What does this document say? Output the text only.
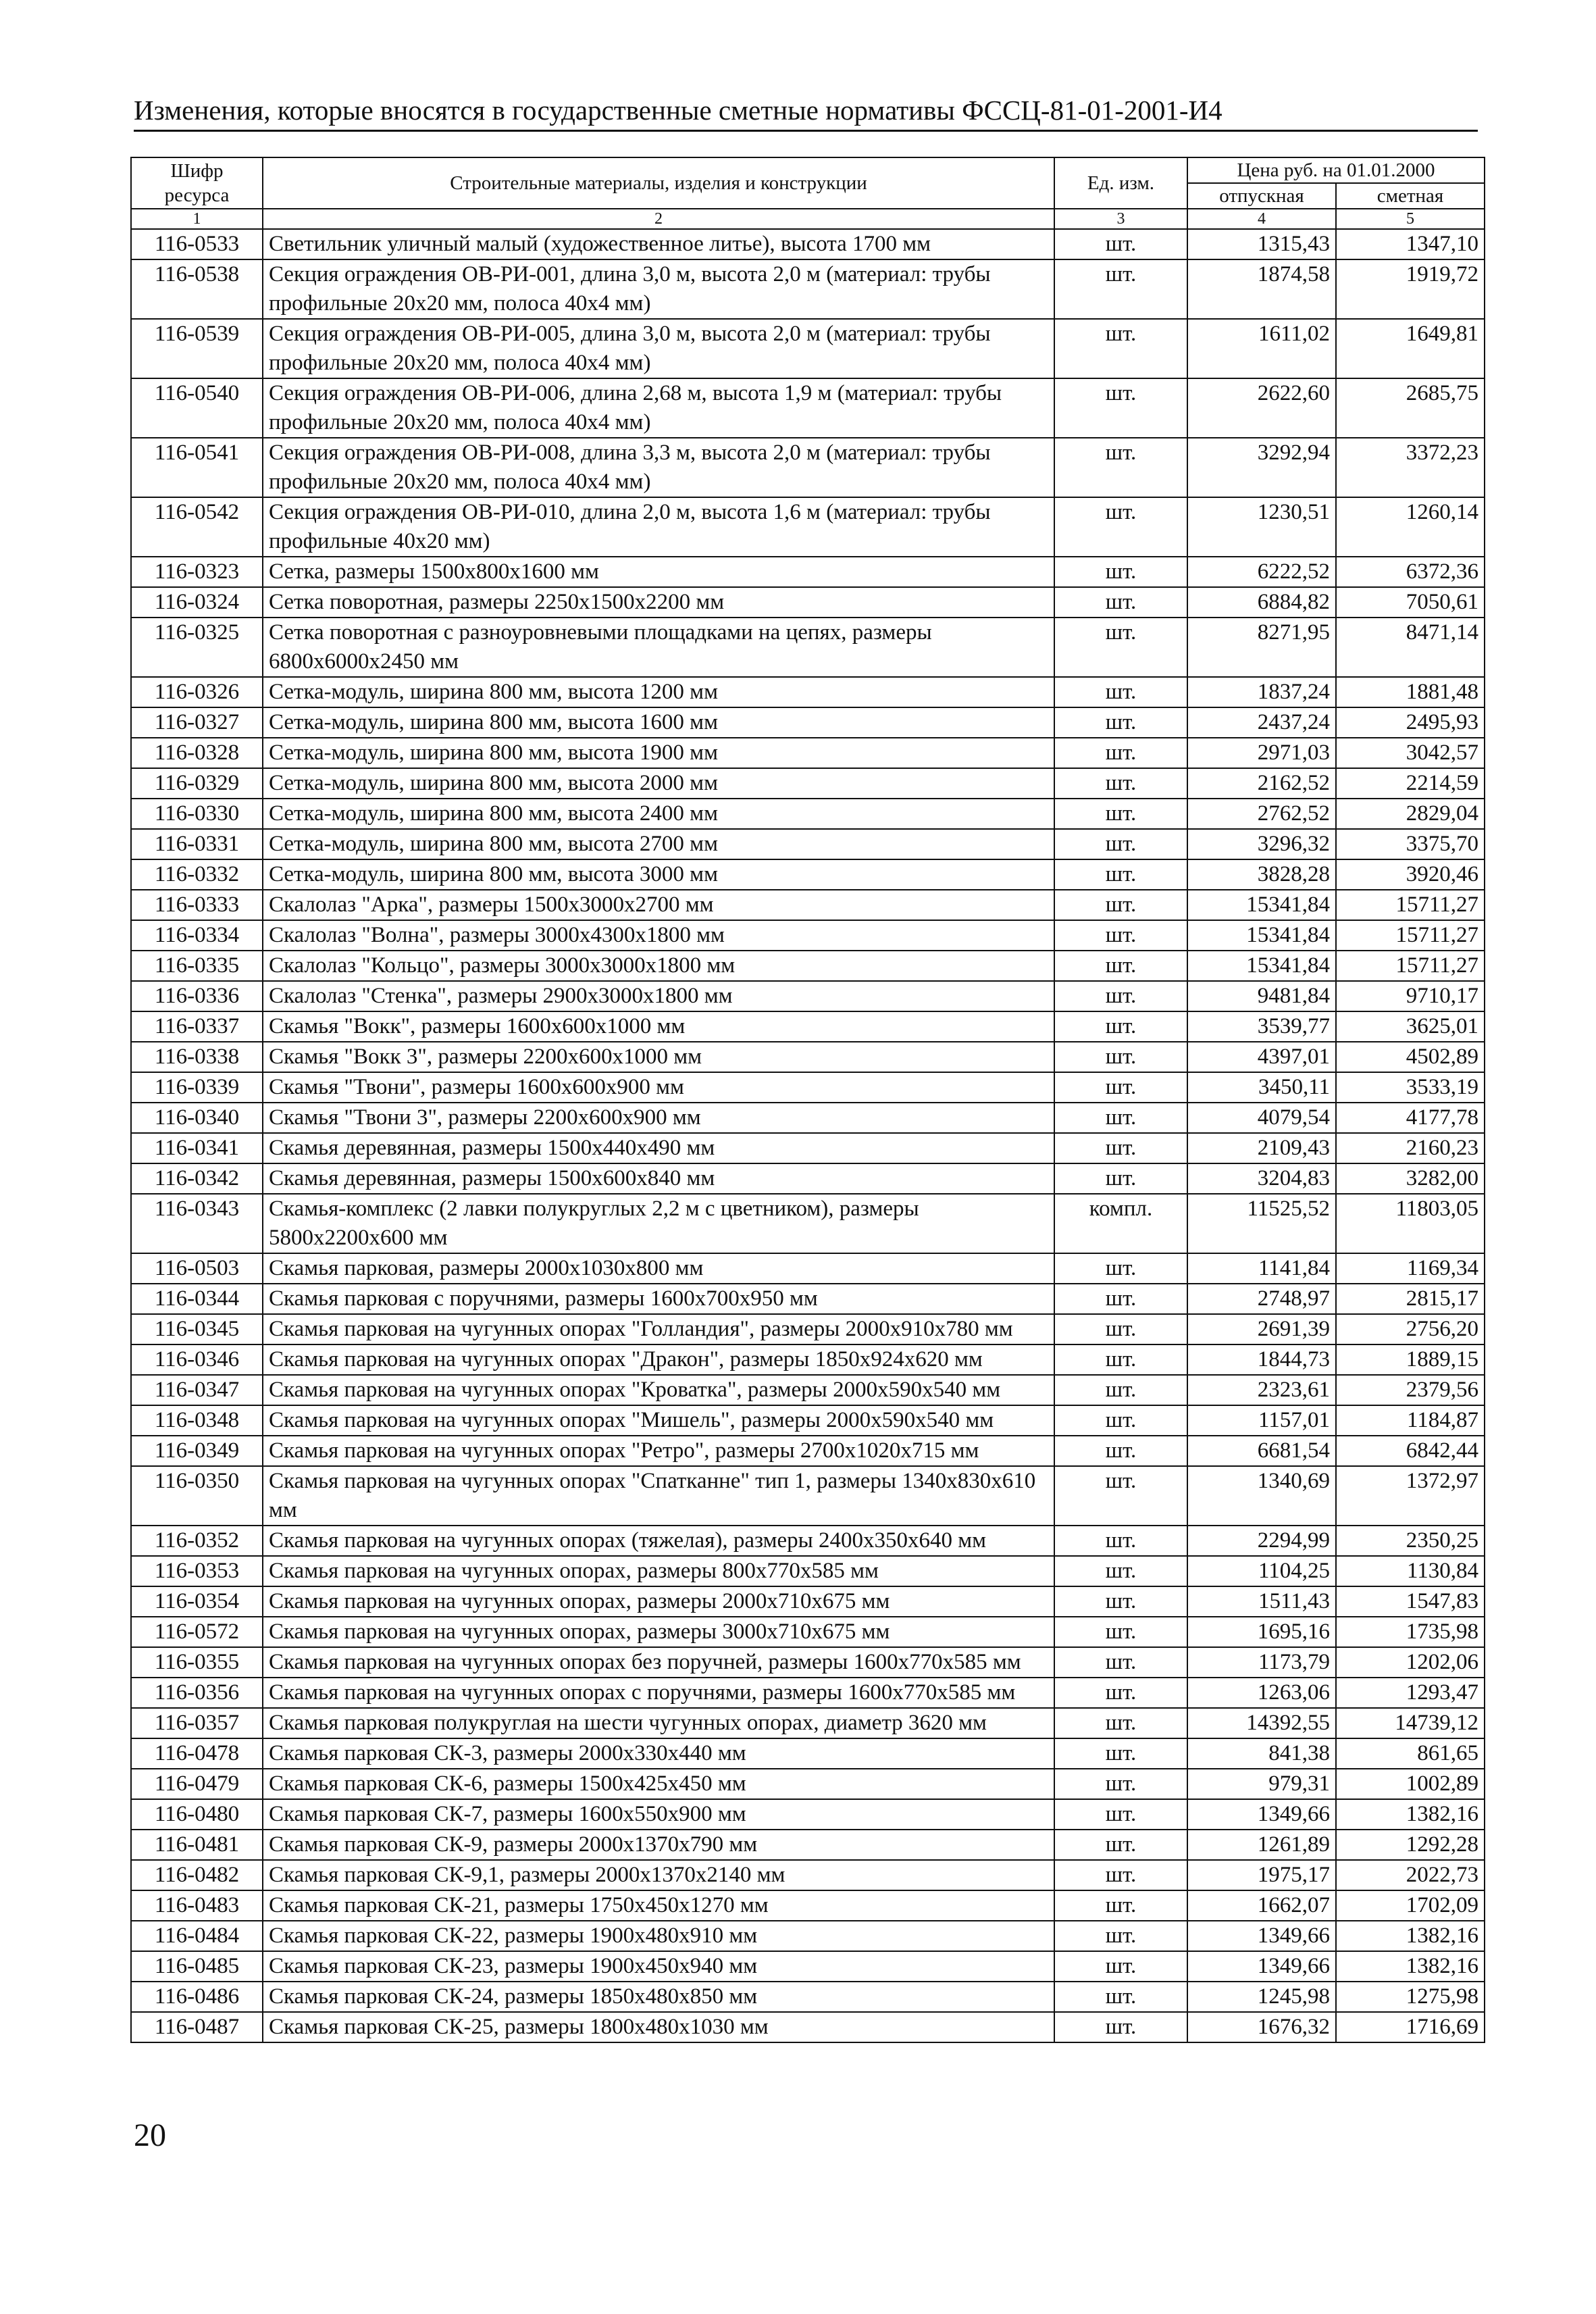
Изменения, которые вносятся в государственные сметные нормативы ФССЦ-81-01-2001-И4
Шифр ресурса	Строительные материалы, изделия и конструкции	Ед. изм.	Цена руб. на 01.01.2000	
			отпускная	сметная
1	2	3	4	5
116-0533	Светильник уличный малый (художественное литье), высота 1700 мм	шт.	1315,43	1347,10
116-0538	Секция ограждения ОВ-РИ-001, длина 3,0 м, высота 2,0 м (материал: трубы профильные 20х20 мм, полоса 40х4 мм)	шт.	1874,58	1919,72
116-0539	Секция ограждения ОВ-РИ-005, длина 3,0 м, высота 2,0 м (материал: трубы профильные 20х20 мм, полоса 40х4 мм)	шт.	1611,02	1649,81
116-0540	Секция ограждения ОВ-РИ-006, длина 2,68 м, высота 1,9 м (материал: трубы профильные 20х20 мм, полоса 40х4 мм)	шт.	2622,60	2685,75
116-0541	Секция ограждения ОВ-РИ-008, длина 3,3 м, высота 2,0 м (материал: трубы профильные 20х20 мм, полоса 40х4 мм)	шт.	3292,94	3372,23
116-0542	Секция ограждения ОВ-РИ-010, длина 2,0 м, высота 1,6 м (материал: трубы профильные 40х20 мм)	шт.	1230,51	1260,14
116-0323	Сетка, размеры 1500х800х1600 мм	шт.	6222,52	6372,36
116-0324	Сетка поворотная, размеры 2250х1500х2200 мм	шт.	6884,82	7050,61
116-0325	Сетка поворотная с разноуровневыми площадками на цепях, размеры 6800х6000х2450 мм	шт.	8271,95	8471,14
116-0326	Сетка-модуль, ширина 800 мм, высота 1200 мм	шт.	1837,24	1881,48
116-0327	Сетка-модуль, ширина 800 мм, высота 1600 мм	шт.	2437,24	2495,93
116-0328	Сетка-модуль, ширина 800 мм, высота 1900 мм	шт.	2971,03	3042,57
116-0329	Сетка-модуль, ширина 800 мм, высота 2000 мм	шт.	2162,52	2214,59
116-0330	Сетка-модуль, ширина 800 мм, высота 2400 мм	шт.	2762,52	2829,04
116-0331	Сетка-модуль, ширина 800 мм, высота 2700 мм	шт.	3296,32	3375,70
116-0332	Сетка-модуль, ширина 800 мм, высота 3000 мм	шт.	3828,28	3920,46
116-0333	Скалолаз "Арка", размеры 1500х3000х2700 мм	шт.	15341,84	15711,27
116-0334	Скалолаз "Волна", размеры 3000х4300х1800 мм	шт.	15341,84	15711,27
116-0335	Скалолаз "Кольцо", размеры 3000х3000х1800 мм	шт.	15341,84	15711,27
116-0336	Скалолаз "Стенка", размеры 2900х3000х1800 мм	шт.	9481,84	9710,17
116-0337	Скамья "Вокк", размеры 1600х600х1000 мм	шт.	3539,77	3625,01
116-0338	Скамья "Вокк 3", размеры 2200х600х1000 мм	шт.	4397,01	4502,89
116-0339	Скамья "Твони", размеры 1600х600х900 мм	шт.	3450,11	3533,19
116-0340	Скамья "Твони 3", размеры 2200х600х900 мм	шт.	4079,54	4177,78
116-0341	Скамья деревянная, размеры 1500х440х490 мм	шт.	2109,43	2160,23
116-0342	Скамья деревянная, размеры 1500х600х840 мм	шт.	3204,83	3282,00
116-0343	Скамья-комплекс (2 лавки полукруглых 2,2 м с цветником), размеры 5800х2200х600 мм	компл.	11525,52	11803,05
116-0503	Скамья парковая, размеры 2000х1030х800 мм	шт.	1141,84	1169,34
116-0344	Скамья парковая с поручнями, размеры 1600х700х950 мм	шт.	2748,97	2815,17
116-0345	Скамья парковая на чугунных опорах "Голландия", размеры 2000х910х780 мм	шт.	2691,39	2756,20
116-0346	Скамья парковая на чугунных опорах "Дракон", размеры 1850х924х620 мм	шт.	1844,73	1889,15
116-0347	Скамья парковая на чугунных опорах "Кроватка", размеры 2000х590х540 мм	шт.	2323,61	2379,56
116-0348	Скамья парковая на чугунных опорах "Мишель", размеры 2000х590х540 мм	шт.	1157,01	1184,87
116-0349	Скамья парковая на чугунных опорах "Ретро", размеры 2700х1020х715 мм	шт.	6681,54	6842,44
116-0350	Скамья парковая на чугунных опорах "Спатканне" тип 1, размеры 1340х830х610 мм	шт.	1340,69	1372,97
116-0352	Скамья парковая на чугунных опорах (тяжелая), размеры 2400х350х640 мм	шт.	2294,99	2350,25
116-0353	Скамья парковая на чугунных опорах, размеры 800х770х585 мм	шт.	1104,25	1130,84
116-0354	Скамья парковая на чугунных опорах, размеры 2000х710х675 мм	шт.	1511,43	1547,83
116-0572	Скамья парковая на чугунных опорах, размеры 3000х710х675 мм	шт.	1695,16	1735,98
116-0355	Скамья парковая на чугунных опорах без поручней, размеры 1600х770х585 мм	шт.	1173,79	1202,06
116-0356	Скамья парковая на чугунных опорах с поручнями, размеры 1600х770х585 мм	шт.	1263,06	1293,47
116-0357	Скамья парковая полукруглая на шести чугунных опорах, диаметр 3620 мм	шт.	14392,55	14739,12
116-0478	Скамья парковая СК-3, размеры 2000х330х440 мм	шт.	841,38	861,65
116-0479	Скамья парковая СК-6, размеры 1500х425х450 мм	шт.	979,31	1002,89
116-0480	Скамья парковая СК-7, размеры 1600х550х900 мм	шт.	1349,66	1382,16
116-0481	Скамья парковая СК-9, размеры 2000х1370х790 мм	шт.	1261,89	1292,28
116-0482	Скамья парковая СК-9,1, размеры 2000х1370х2140 мм	шт.	1975,17	2022,73
116-0483	Скамья парковая СК-21, размеры 1750х450х1270 мм	шт.	1662,07	1702,09
116-0484	Скамья парковая СК-22, размеры 1900х480х910 мм	шт.	1349,66	1382,16
116-0485	Скамья парковая СК-23, размеры 1900х450х940 мм	шт.	1349,66	1382,16
116-0486	Скамья парковая СК-24, размеры 1850х480х850 мм	шт.	1245,98	1275,98
116-0487	Скамья парковая СК-25, размеры 1800х480х1030 мм	шт.	1676,32	1716,69
20
